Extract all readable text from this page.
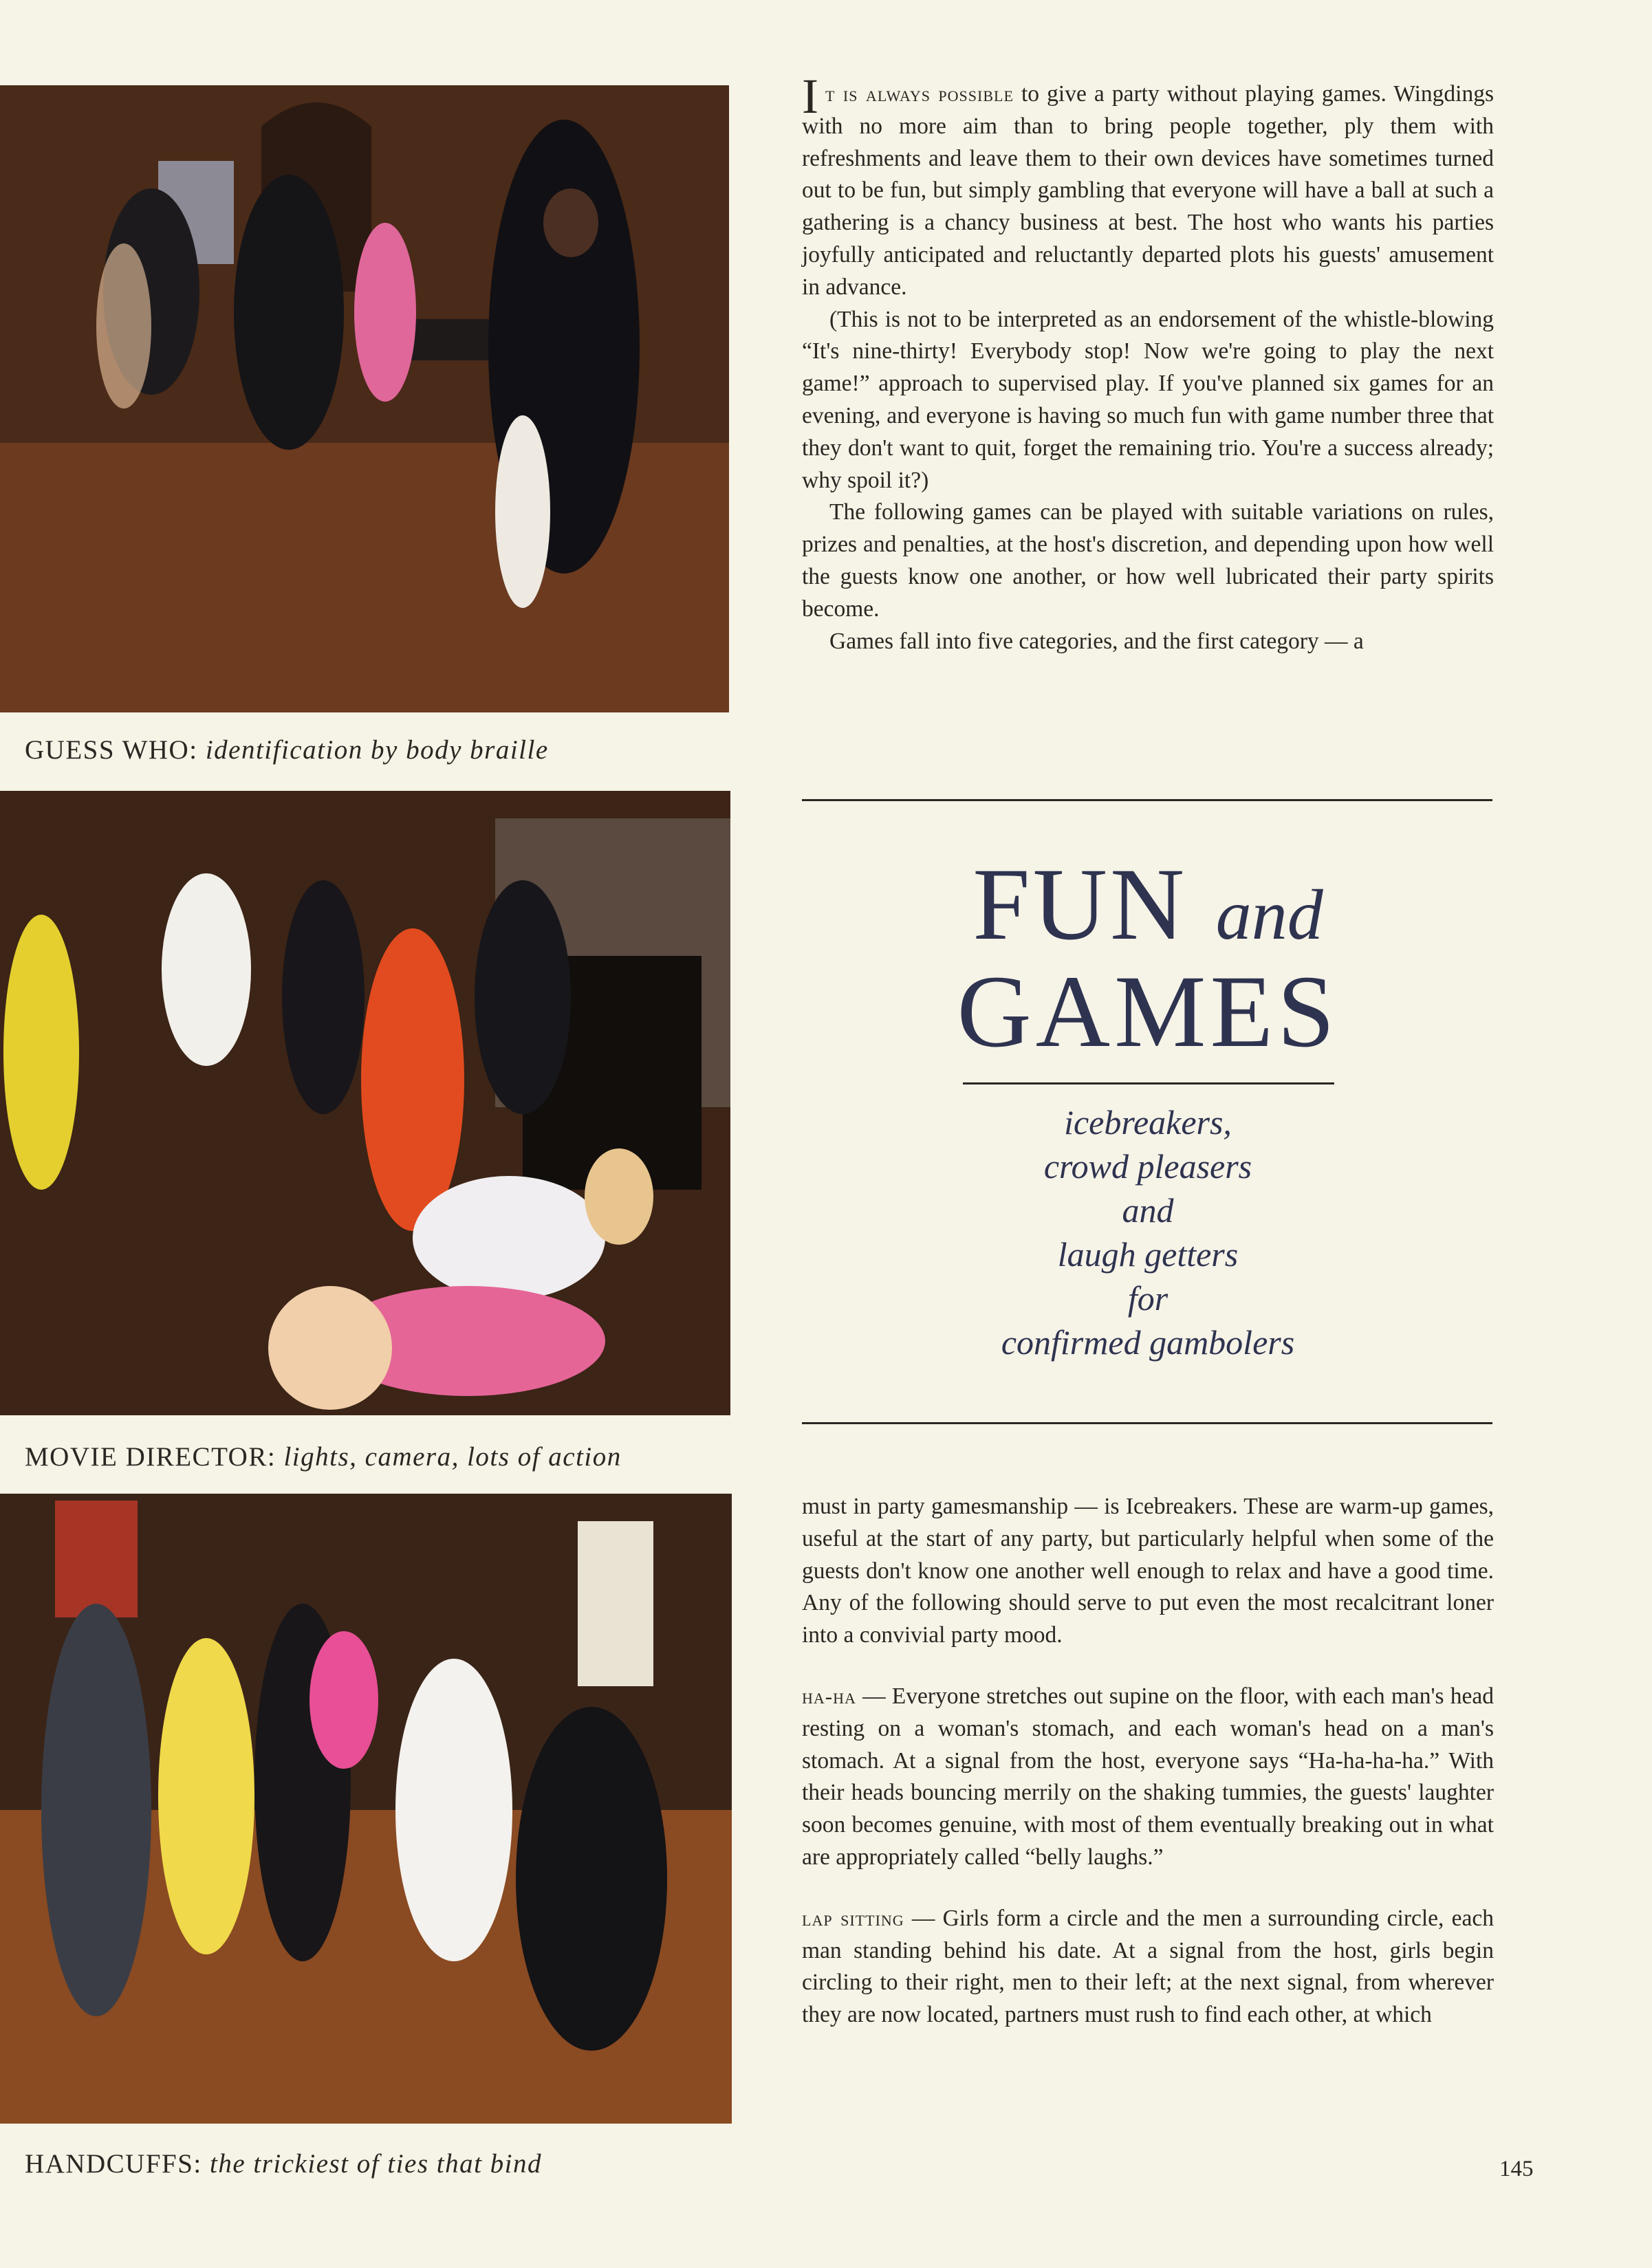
GUESS WHO: identification by body braille
MOVIE DIRECTOR: lights, camera, lots of action
HANDCUFFS: the trickiest of ties that bind

It is always possible to give a party without playing games. Wingdings with no more aim than to bring people together, ply them with refreshments and leave them to their own devices have sometimes turned out to be fun, but simply gambling that everyone will have a ball at such a gathering is a chancy business at best. The host who wants his parties joyfully anticipated and reluctantly departed plots his guests' amusement in advance.

(This is not to be interpreted as an endorsement of the whistle-blowing “It's nine-thirty! Everybody stop! Now we're going to play the next game!” approach to supervised play. If you've planned six games for an evening, and everyone is having so much fun with game number three that they don't want to quit, forget the remaining trio. You're a success already; why spoil it?)

The following games can be played with suitable variations on rules, prizes and penalties, at the host's discretion, and depending upon how well the guests know one another, or how well lubricated their party spirits become.

Games fall into five categories, and the first category — a

FUN and
GAMES
icebreakers,
crowd pleasers
and
laugh getters
for
confirmed gambolers

must in party gamesmanship — is Icebreakers. These are warm-up games, useful at the start of any party, but particularly helpful when some of the guests don't know one another well enough to relax and have a good time. Any of the following should serve to put even the most recalcitrant loner into a convivial party mood.

ha-ha — Everyone stretches out supine on the floor, with each man's head resting on a woman's stomach, and each woman's head on a man's stomach. At a signal from the host, everyone says “Ha-ha-ha-ha.” With their heads bouncing merrily on the shaking tummies, the guests' laughter soon becomes genuine, with most of them eventually breaking out in what are appropriately called “belly laughs.”

lap sitting — Girls form a circle and the men a surrounding circle, each man standing behind his date. At a signal from the host, girls begin circling to their right, men to their left; at the next signal, from wherever they are now located, partners must rush to find each other, at which

145
